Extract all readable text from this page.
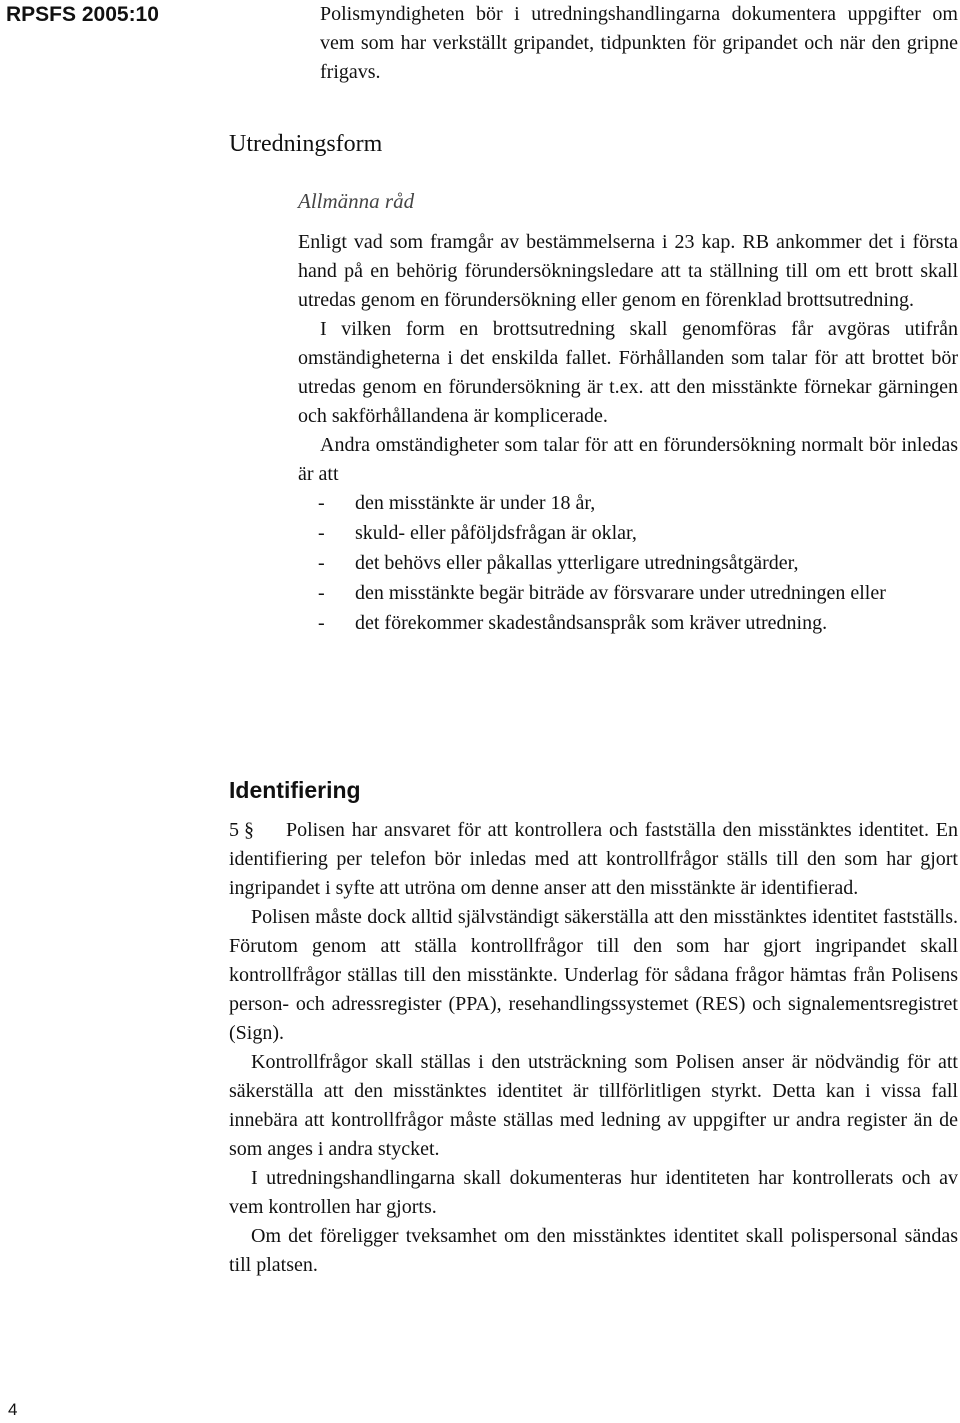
RPSFS 2005:10	Polismyndigheten bör i utredningshandlingarna dokumentera uppgifter om vem som har verkställt gripandet, tidpunkten för gripandet och när den gripne frigavs.

Utredningsform
Allmänna råd

Enligt vad som framgår av bestämmelserna i 23 kap. RB ankommer det i första hand på en behörig förundersökningsledare att ta ställning till om ett brott skall utredas genom en förundersökning eller genom en förenklad brottsutredning.

I vilken form en brottsutredning skall genomföras får avgöras utifrån omständigheterna i det enskilda fallet. Förhållanden som talar för att brottet bör utredas genom en förundersökning är t.ex. att den misstänkte förnekar gärningen och sakförhållandena är komplicerade.

Andra omständigheter som talar för att en förundersökning normalt bör inledas är att

- den misstänkte är under 18 år,
- skuld- eller påföljdsfrågan är oklar,
- det behövs eller påkallas ytterligare utredningsåtgärder,
- den misstänkte begär biträde av försvarare under utredningen eller
- det förekommer skadeståndsanspråk som kräver utredning.
Identifiering

5 § Polisen har ansvaret för att kontrollera och fastställa den misstänktes identitet. En identifiering per telefon bör inledas med att kontrollfrågor ställs till den som har gjort ingripandet i syfte att utröna om denne anser att den misstänkte är identifierad.

Polisen måste dock alltid självständigt säkerställa att den misstänktes identitet fastställs. Förutom genom att ställa kontrollfrågor till den som har gjort ingripandet skall kontrollfrågor ställas till den misstänkte. Underlag för sådana frågor hämtas från Polisens person- och adressregister (PPA), resehandlingssystemet (RES) och signalementsregistret (Sign).

Kontrollfrågor skall ställas i den utsträckning som Polisen anser är nödvändig för att säkerställa att den misstänktes identitet är tillförlitligen styrkt. Detta kan i vissa fall innebära att kontrollfrågor måste ställas med ledning av uppgifter ur andra register än de som anges i andra stycket.

I utredningshandlingarna skall dokumenteras hur identiteten har kontrollerats och av vem kontrollen har gjorts.

Om det föreligger tveksamhet om den misstänktes identitet skall polispersonal sändas till platsen.

4
